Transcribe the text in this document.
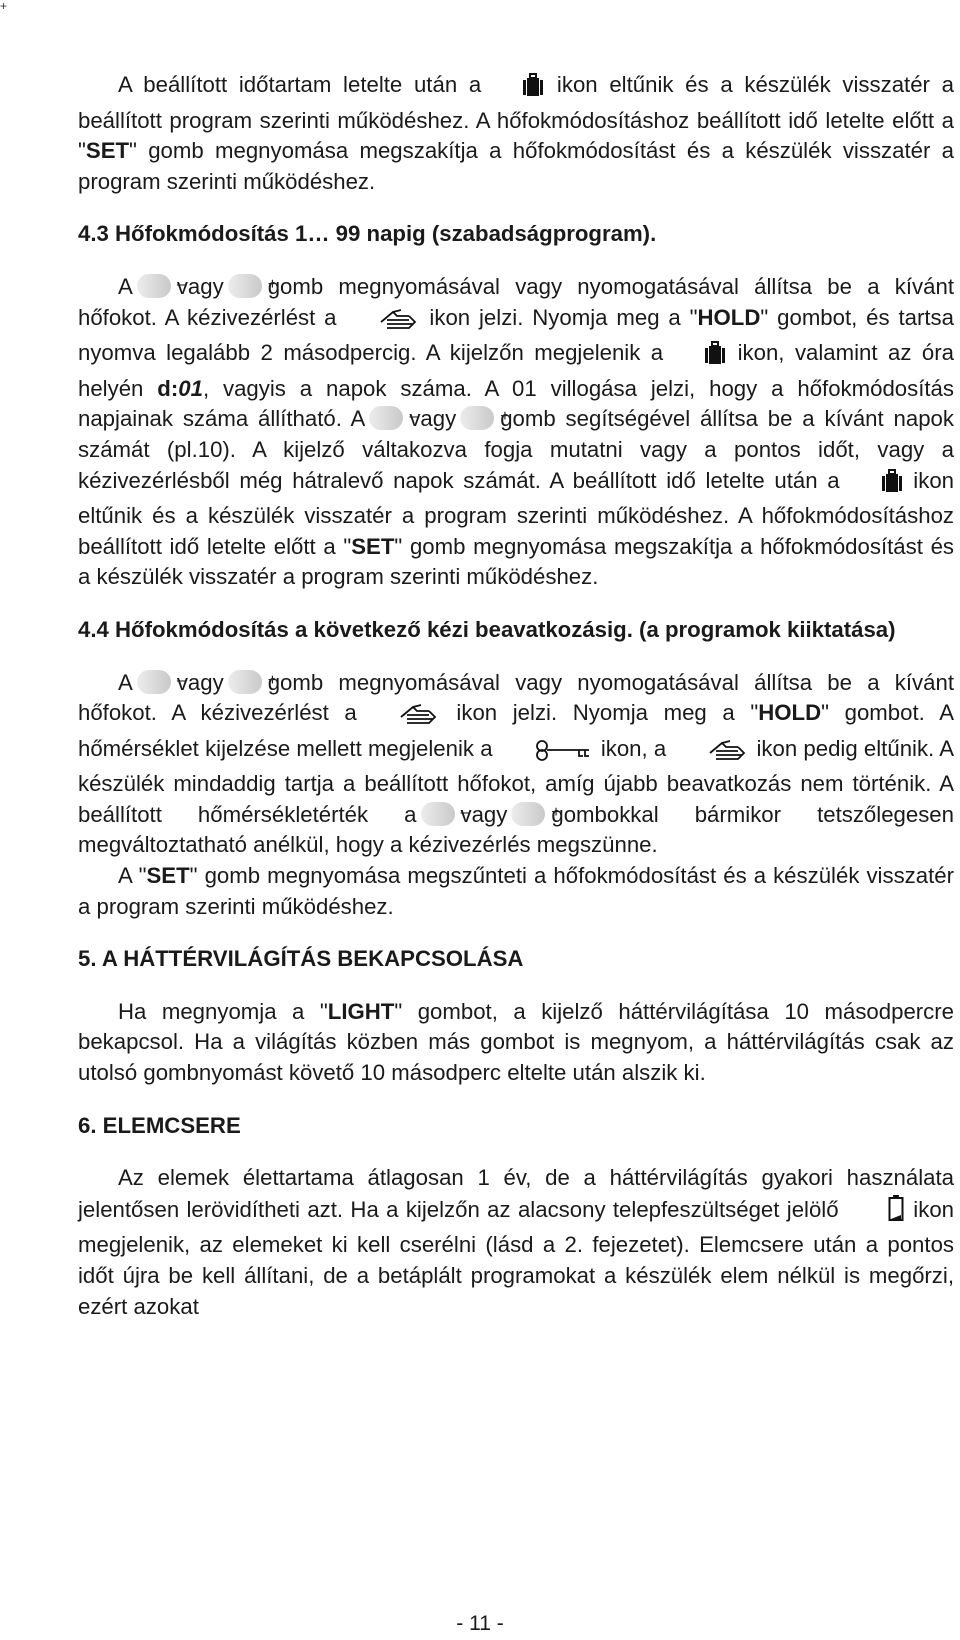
+

A beállított időtartam letelte után a	ikon eltűnik és a készülék visszatér a beállított program szerinti működéshez. A hőfokmódosításhoz beállított idő letelte előtt a "SET" gomb megnyomása megszakítja a hőfokmódosítást és a készülék visszatér a program szerinti működéshez.

4.3 Hőfokmódosítás 1… 99 napig (szabadságprogram).

A – vagy + gomb megnyomásával vagy nyomogatásával állítsa be a kívánt hőfokot. A kézivezérlést a	ikon jelzi. Nyomja meg a "HOLD" gombot, és tartsa nyomva legalább 2 másodpercig. A kijelzőn megjelenik a	ikon, valamint az óra helyén d:01, vagyis a napok száma. A 01 villogása jelzi, hogy a hőfokmódosítás napjainak száma állítható. A – vagy + gomb segítségével állítsa be a kívánt napok számát (pl.10). A kijelző váltakozva fogja mutatni vagy a pontos időt, vagy a kézivezérlésből még hátralevő napok számát. A beállított idő letelte után a	ikon eltűnik és a készülék visszatér a program szerinti működéshez. A hőfokmódosításhoz beállított idő letelte előtt a "SET" gomb megnyomása megszakítja a hőfokmódosítást és a készülék visszatér a program szerinti működéshez.

4.4 Hőfokmódosítás a következő kézi beavatkozásig. (a programok kiiktatása)

A – vagy + gomb megnyomásával vagy nyomogatásával állítsa be a kívánt hőfokot. A kézivezérlést a	ikon jelzi. Nyomja meg a "HOLD" gombot. A hőmérséklet kijelzése mellett megjelenik a	ikon, a	ikon pedig eltűnik. A készülék mindaddig tartja a beállított hőfokot, amíg újabb beavatkozás nem történik. A beállított hőmérsékletérték a – vagy + gombokkal bármikor tetszőlegesen megváltoztatható anélkül, hogy a kézivezérlés megszünne.

A "SET" gomb megnyomása megszűnteti a hőfokmódosítást és a készülék visszatér a program szerinti működéshez.

5. A HÁTTÉRVILÁGÍTÁS BEKAPCSOLÁSA

Ha megnyomja a "LIGHT" gombot, a kijelző háttérvilágítása 10 másodpercre bekapcsol. Ha a világítás közben más gombot is megnyom, a háttérvilágítás csak az utolsó gombnyomást követő 10 másodperc eltelte után alszik ki.

6. ELEMCSERE

Az elemek élettartama átlagosan 1 év, de a háttérvilágítás gyakori használata jelentősen lerövidítheti azt. Ha a kijelzőn az alacsony telepfeszültséget jelölő	ikon megjelenik, az elemeket ki kell cserélni (lásd a 2. fejezetet). Elemcsere után a pontos időt újra be kell állítani, de a betáplált programokat a készülék elem nélkül is megőrzi, ezért azokat

- 11 -
